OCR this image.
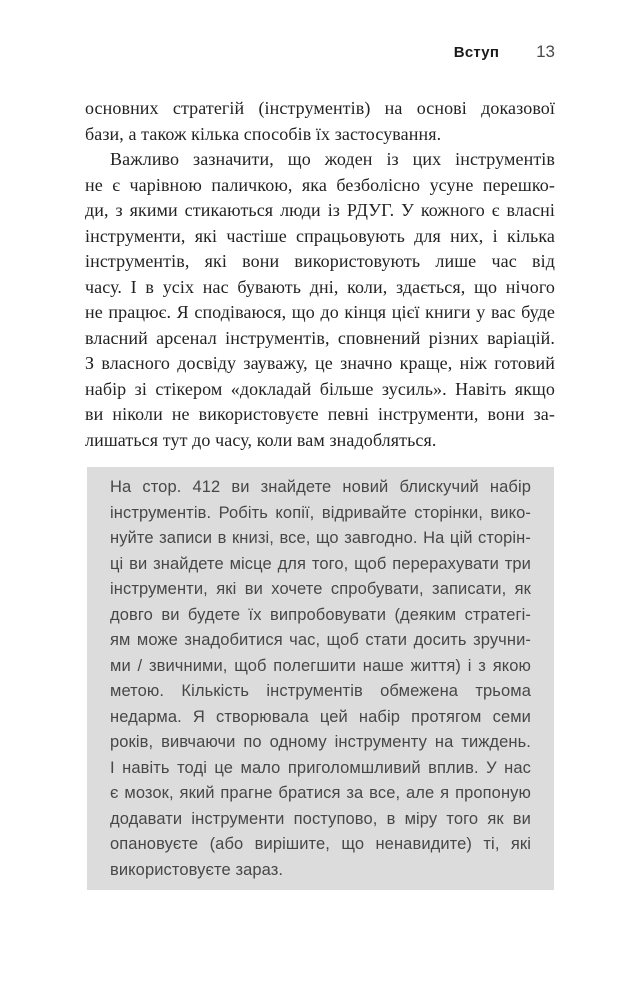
Вступ 13
основних стратегій (інструментів) на основі доказової
бази, а також кілька способів їх застосування.
Важливо зазначити, що жоден із цих інструментів
не є чарівною паличкою, яка безболісно усуне перешко-
ди, з якими стикаються люди із РДУГ. У кожного є власні
інструменти, які частіше спрацьовують для них, і кілька
інструментів, які вони використовують лише час від
часу. І в усіх нас бувають дні, коли, здається, що нічого
не працює. Я сподіваюся, що до кінця цієї книги у вас буде
власний арсенал інструментів, сповнений різних варіацій.
З власного досвіду зауважу, це значно краще, ніж готовий
набір зі стікером «докладай більше зусиль». Навіть якщо
ви ніколи не використовуєте певні інструменти, вони за-
лишаться тут до часу, коли вам знадобляться.
На стор. 412 ви знайдете новий блискучий набір
інструментів. Робіть копії, відривайте сторінки, вико-
нуйте записи в книзі, все, що завгодно. На цій сторін-
ці ви знайдете місце для того, щоб перерахувати три
інструменти, які ви хочете спробувати, записати, як
довго ви будете їх випробовувати (деяким стратегі-
ям може знадобитися час, щоб стати досить зручни-
ми / звичними, щоб полегшити наше життя) і з якою
метою. Кількість інструментів обмежена трьома
недарма. Я створювала цей набір протягом семи
років, вивчаючи по одному інструменту на тиждень.
І навіть тоді це мало приголомшливий вплив. У нас
є мозок, який прагне братися за все, але я пропоную
додавати інструменти поступово, в міру того як ви
опановуєте (або вирішите, що ненавидите) ті, які
використовуєте зараз.
